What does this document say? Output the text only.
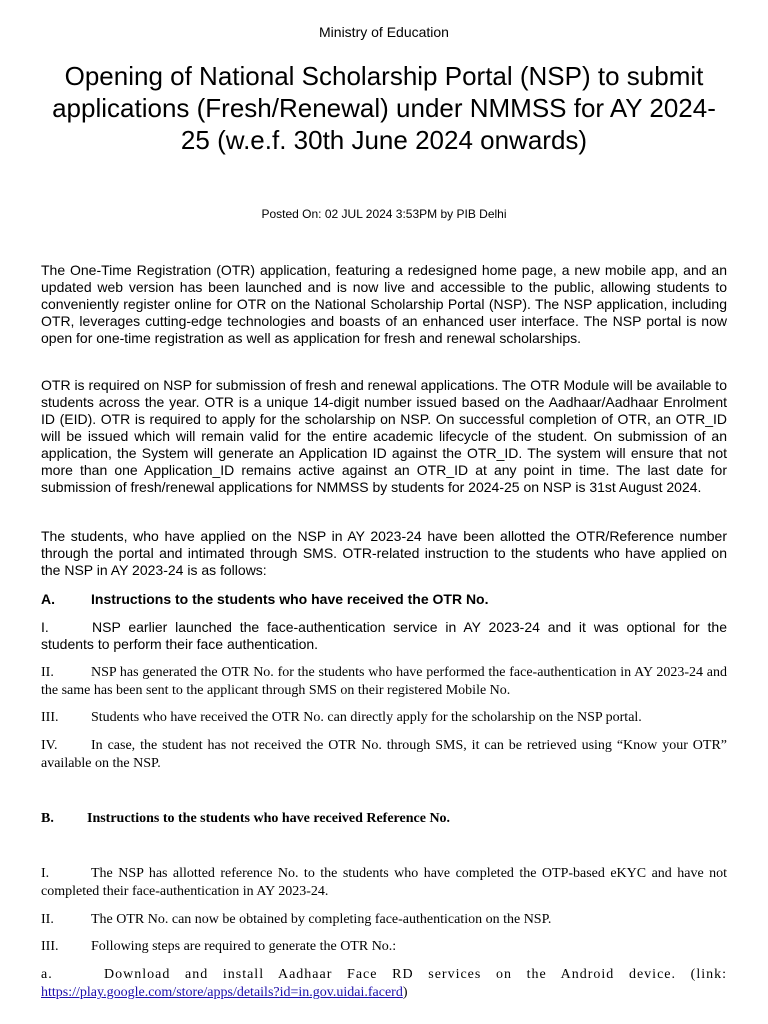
Ministry of Education
Opening of National Scholarship Portal (NSP) to submit applications (Fresh/Renewal) under NMMSS for AY 2024-25 (w.e.f. 30th June 2024 onwards)
Posted On: 02 JUL 2024 3:53PM by PIB Delhi
The One-Time Registration (OTR) application, featuring a redesigned home page, a new mobile app, and an updated web version has been launched and is now live and accessible to the public, allowing students to conveniently register online for OTR on the National Scholarship Portal (NSP). The NSP application, including OTR, leverages cutting-edge technologies and boasts of an enhanced user interface. The NSP portal is now open for one-time registration as well as application for fresh and renewal scholarships.
OTR is required on NSP for submission of fresh and renewal applications. The OTR Module will be available to students across the year. OTR is a unique 14-digit number issued based on the Aadhaar/Aadhaar Enrolment ID (EID). OTR is required to apply for the scholarship on NSP. On successful completion of OTR, an OTR_ID will be issued which will remain valid for the entire academic lifecycle of the student. On submission of an application, the System will generate an Application ID against the OTR_ID. The system will ensure that not more than one Application_ID remains active against an OTR_ID at any point in time. The last date for submission of fresh/renewal applications for NMMSS by students for 2024-25 on NSP is 31st August 2024.
The students, who have applied on the NSP in AY 2023-24 have been allotted the OTR/Reference number through the portal and intimated through SMS. OTR-related instruction to the students who have applied on the NSP in AY 2023-24 is as follows:
A.	Instructions to the students who have received the OTR No.
I.	NSP earlier launched the face-authentication service in AY 2023-24 and it was optional for the students to perform their face authentication.
II.	NSP has generated the OTR No. for the students who have performed the face-authentication in AY 2023-24 and the same has been sent to the applicant through SMS on their registered Mobile No.
III. Students who have received the OTR No. can directly apply for the scholarship on the NSP portal.
IV. In case, the student has not received the OTR No. through SMS, it can be retrieved using “Know your OTR” available on the NSP.
B. Instructions to the students who have received Reference No.
I.	The NSP has allotted reference No. to the students who have completed the OTP-based eKYC and have not completed their face-authentication in AY 2023-24.
II.	The OTR No. can now be obtained by completing face-authentication on the NSP.
III. Following steps are required to generate the OTR No.:
a.	Download and install Aadhaar Face RD services on the Android device. (link: https://play.google.com/store/apps/details?id=in.gov.uidai.facerd)
